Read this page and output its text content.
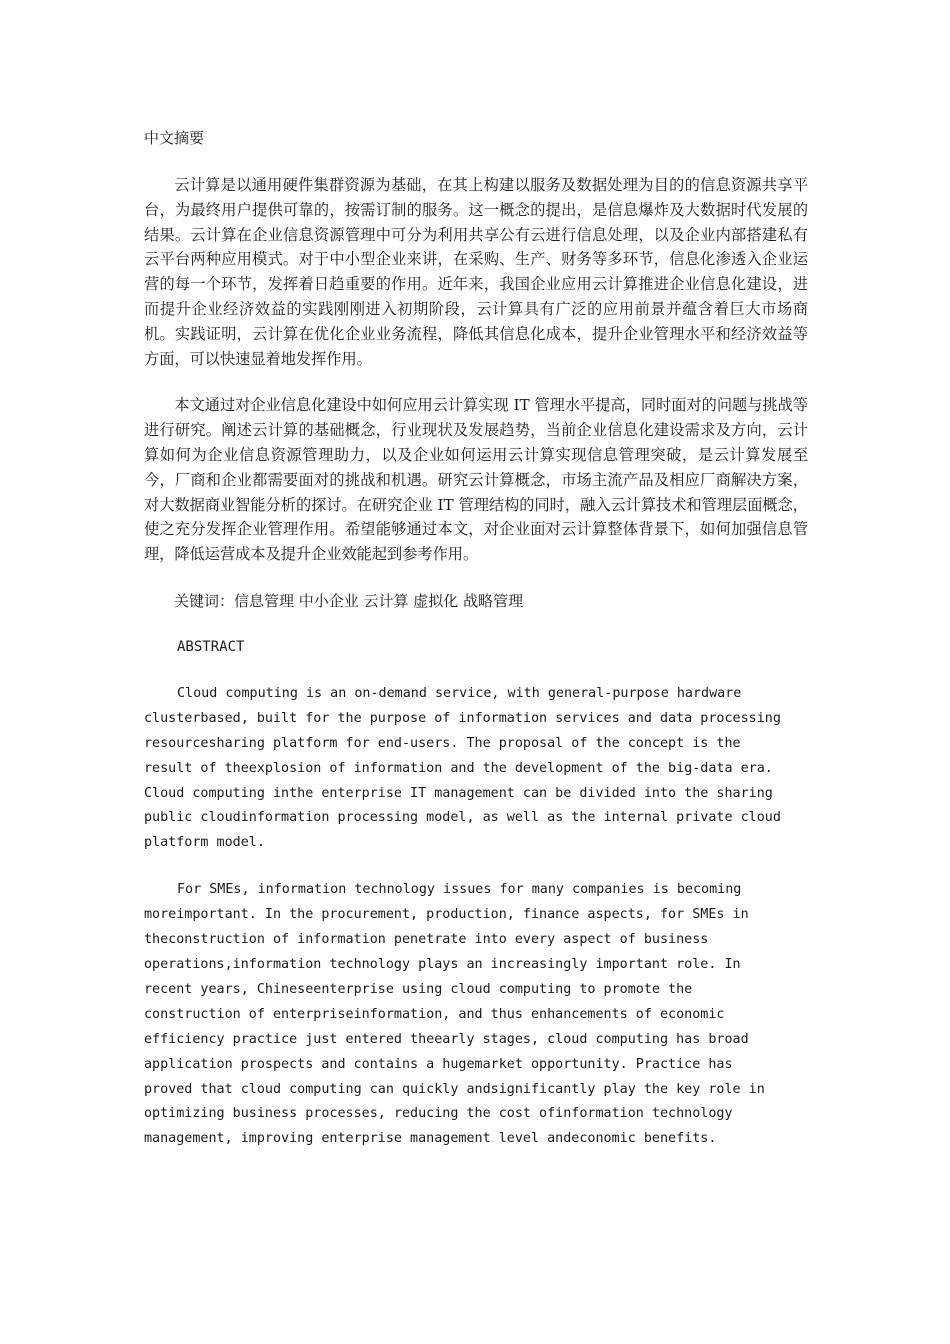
中文摘要

云计算是以通用硬件集群资源为基础，在其上构建以服务及数据处理为目的的信息资源共享平台，为最终用户提供可靠的，按需订制的服务。这一概念的提出，是信息爆炸及大数据时代发展的结果。云计算在企业信息资源管理中可分为利用共享公有云进行信息处理，以及企业内部搭建私有云平台两种应用模式。对于中小型企业来讲，在采购、生产、财务等多环节，信息化渗透入企业运营的每一个环节，发挥着日趋重要的作用。近年来，我国企业应用云计算推进企业信息化建设，进而提升企业经济效益的实践刚刚进入初期阶段，云计算具有广泛的应用前景并蕴含着巨大市场商机。实践证明，云计算在优化企业业务流程，降低其信息化成本，提升企业管理水平和经济效益等方面，可以快速显着地发挥作用。

本文通过对企业信息化建设中如何应用云计算实现 IT 管理水平提高，同时面对的问题与挑战等进行研究。阐述云计算的基础概念，行业现状及发展趋势，当前企业信息化建设需求及方向，云计算如何为企业信息资源管理助力，以及企业如何运用云计算实现信息管理突破，是云计算发展至今，厂商和企业都需要面对的挑战和机遇。研究云计算概念，市场主流产品及相应厂商解决方案，对大数据商业智能分析的探讨。在研究企业 IT 管理结构的同时，融入云计算技术和管理层面概念，使之充分发挥企业管理作用。希望能够通过本文，对企业面对云计算整体背景下，如何加强信息管理，降低运营成本及提升企业效能起到参考作用。

关键词：信息管理 中小企业 云计算 虚拟化 战略管理

ABSTRACT

Cloud computing is an on-demand service, with general-purpose hardware
clusterbased, built for the purpose of information services and data processing
resourcesharing platform for end-users. The proposal of the concept is the
result of theexplosion of information and the development of the big-data era.
Cloud computing inthe enterprise IT management can be divided into the sharing
public cloudinformation processing model, as well as the internal private cloud
platform model.

For SMEs, information technology issues for many companies is becoming
moreimportant. In the procurement, production, finance aspects, for SMEs in
theconstruction of information penetrate into every aspect of business
operations,information technology plays an increasingly important role. In
recent years, Chineseenterprise using cloud computing to promote the
construction of enterpriseinformation, and thus enhancements of economic
efficiency practice just entered theearly stages, cloud computing has broad
application prospects and contains a hugemarket opportunity. Practice has
proved that cloud computing can quickly andsignificantly play the key role in
optimizing business processes, reducing the cost ofinformation technology
management, improving enterprise management level andeconomic benefits.
